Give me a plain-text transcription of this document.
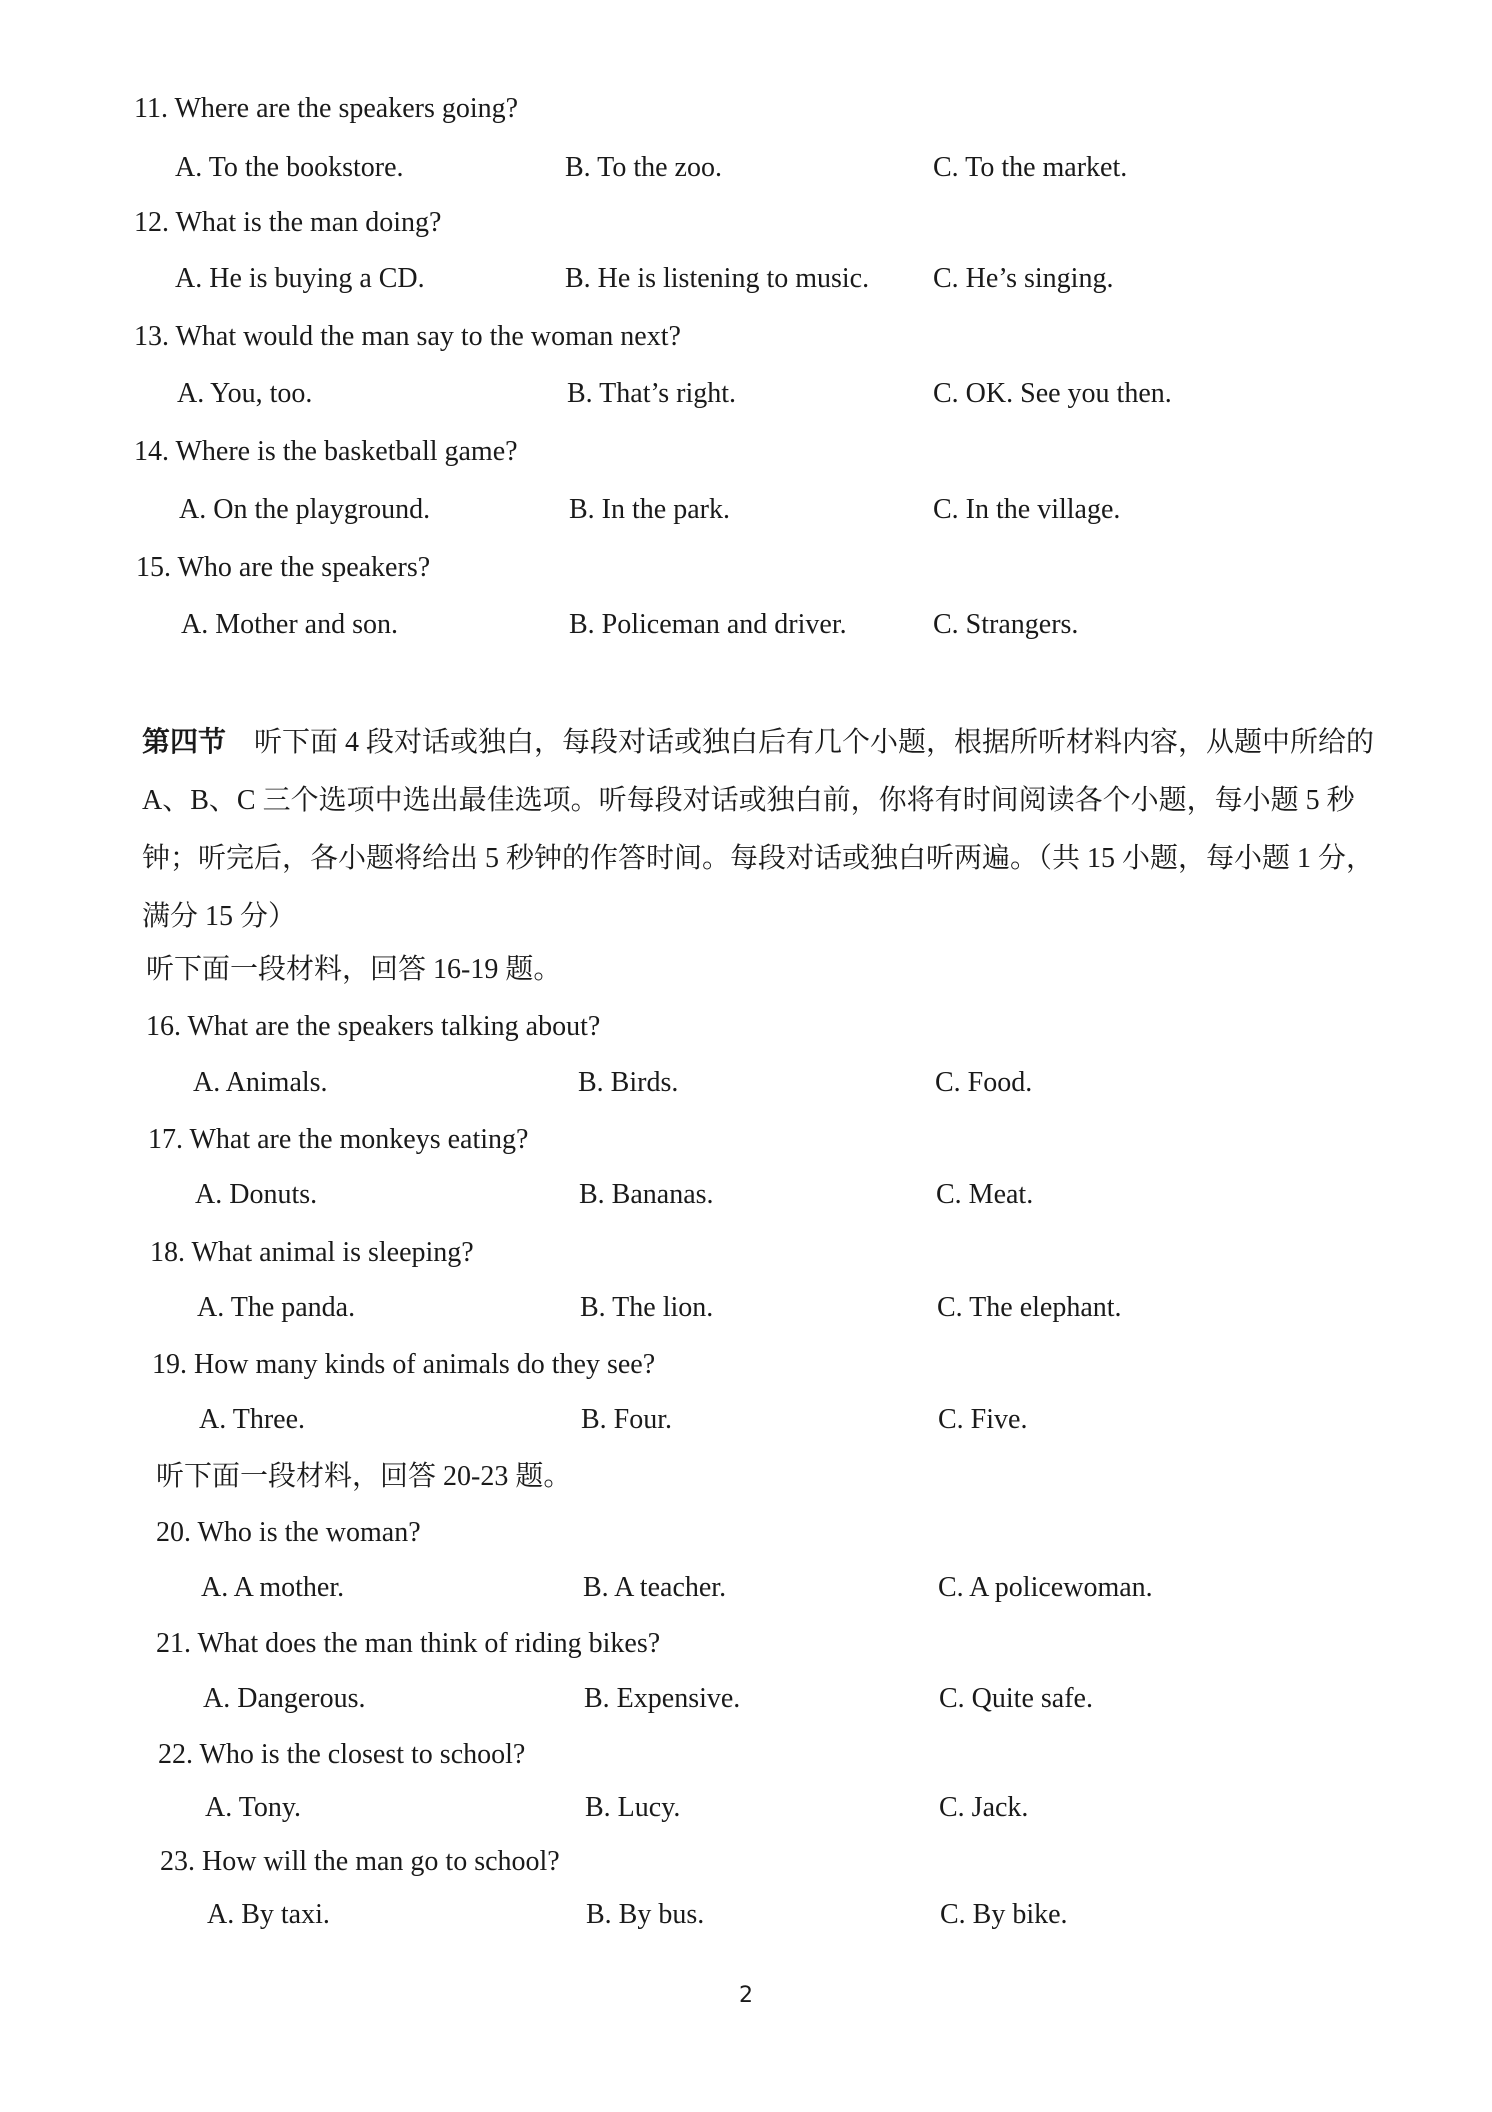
11. Where are the speakers going?
A. To the bookstore.	B. To the zoo.	C. To the market.
12. What is the man doing?
A. He is buying a CD.	B. He is listening to music. C. He’s singing.
13. What would the man say to the woman next?
A. You, too.	B. That’s right.	C. OK. See you then.
14. Where is the basketball game?
A. On the playground.	B. In the park.	C. In the village.
15. Who are the speakers?
A. Mother and son.	B. Policeman and driver.	C. Strangers.
第四节  听下面 4 段对话或独白，每段对话或独白后有几个小题，根据所听材料内容，从题中所给的 A、B、C 三个选项中选出最佳选项。听每段对话或独白前，你将有时间阅读各个小题，每小题 5 秒钟；听完后，各小题将给出 5 秒钟的作答时间。每段对话或独白听两遍。（共 15 小题，每小题 1 分，满分 15 分）
听下面一段材料，回答 16-19 题。
16. What are the speakers talking about?
A. Animals.	B. Birds.	C. Food.
17. What are the monkeys eating?
A. Donuts.	B. Bananas.	C. Meat.
18. What animal is sleeping?
A. The panda.	B. The lion.	C. The elephant.
19. How many kinds of animals do they see?
A. Three.	B. Four.	C. Five.
听下面一段材料，回答 20-23 题。
20. Who is the woman?
A. A mother.	B. A teacher.	C. A policewoman.
21. What does the man think of riding bikes?
A. Dangerous.	B. Expensive.	C. Quite safe.
22. Who is the closest to school?
A. Tony.	B. Lucy.	C. Jack.
23. How will the man go to school?
A. By taxi.	B. By bus.	C. By bike.
2
